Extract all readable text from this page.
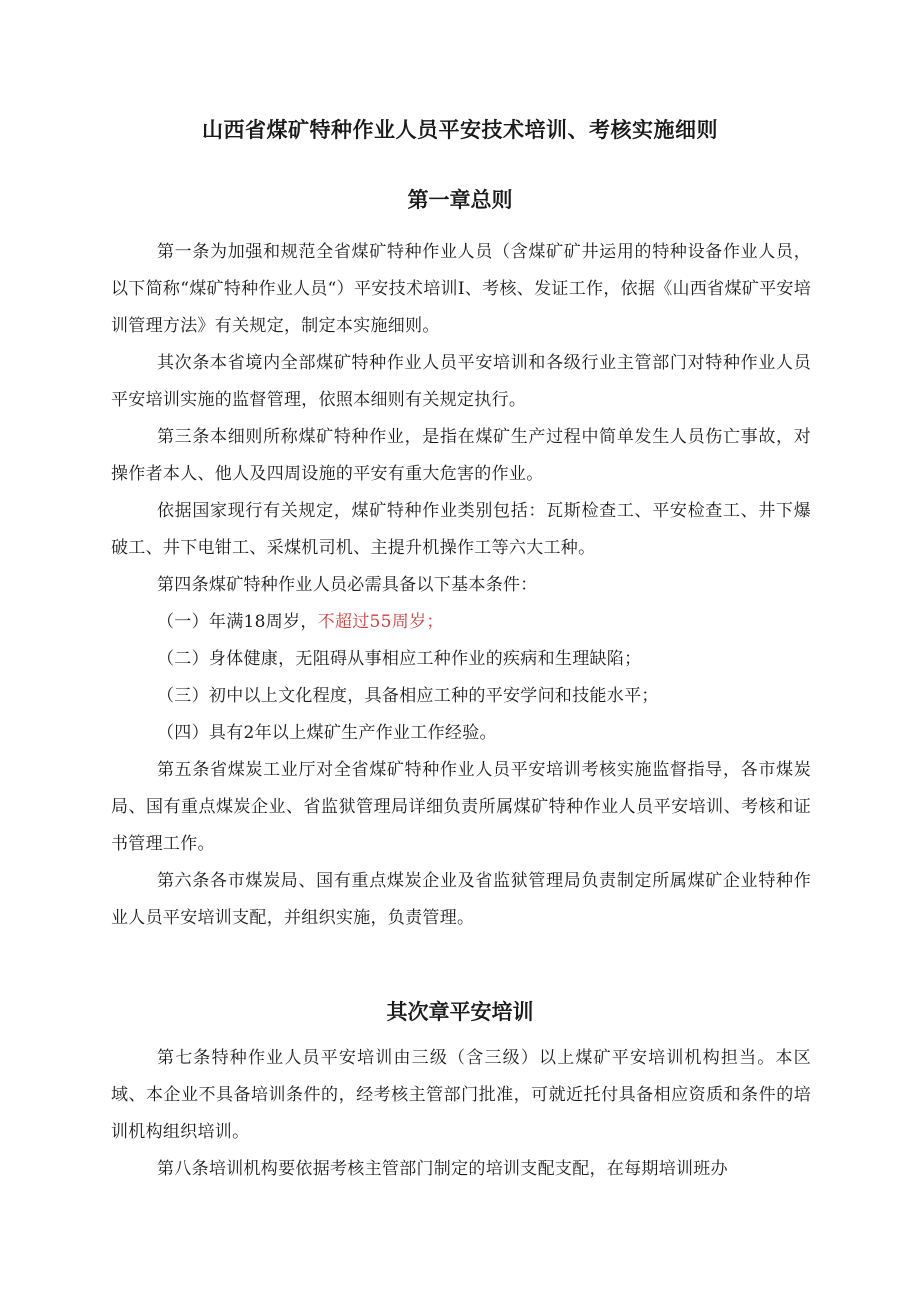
山西省煤矿特种作业人员平安技术培训、考核实施细则
第一章总则
第一条为加强和规范全省煤矿特种作业人员（含煤矿矿井运用的特种设备作业人员，以下简称“煤矿特种作业人员“）平安技术培训I、考核、发证工作，依据《山西省煤矿平安培训管理方法》有关规定，制定本实施细则。
其次条本省境内全部煤矿特种作业人员平安培训和各级行业主管部门对特种作业人员平安培训实施的监督管理，依照本细则有关规定执行。
第三条本细则所称煤矿特种作业，是指在煤矿生产过程中简单发生人员伤亡事故，对操作者本人、他人及四周设施的平安有重大危害的作业。
依据国家现行有关规定，煤矿特种作业类别包括：瓦斯检查工、平安检查工、井下爆破工、井下电钳工、采煤机司机、主提升机操作工等六大工种。
第四条煤矿特种作业人员必需具备以下基本条件：
（一）年满18周岁，不超过55周岁；
（二）身体健康，无阻碍从事相应工种作业的疾病和生理缺陷；
（三）初中以上文化程度，具备相应工种的平安学问和技能水平；
（四）具有2年以上煤矿生产作业工作经验。
第五条省煤炭工业厅对全省煤矿特种作业人员平安培训考核实施监督指导，各市煤炭局、国有重点煤炭企业、省监狱管理局详细负责所属煤矿特种作业人员平安培训、考核和证书管理工作。
第六条各市煤炭局、国有重点煤炭企业及省监狱管理局负责制定所属煤矿企业特种作业人员平安培训支配，并组织实施，负责管理。
其次章平安培训
第七条特种作业人员平安培训由三级（含三级）以上煤矿平安培训机构担当。本区域、本企业不具备培训条件的，经考核主管部门批准，可就近托付具备相应资质和条件的培训机构组织培训。
第八条培训机构要依据考核主管部门制定的培训支配支配，在每期培训班办
